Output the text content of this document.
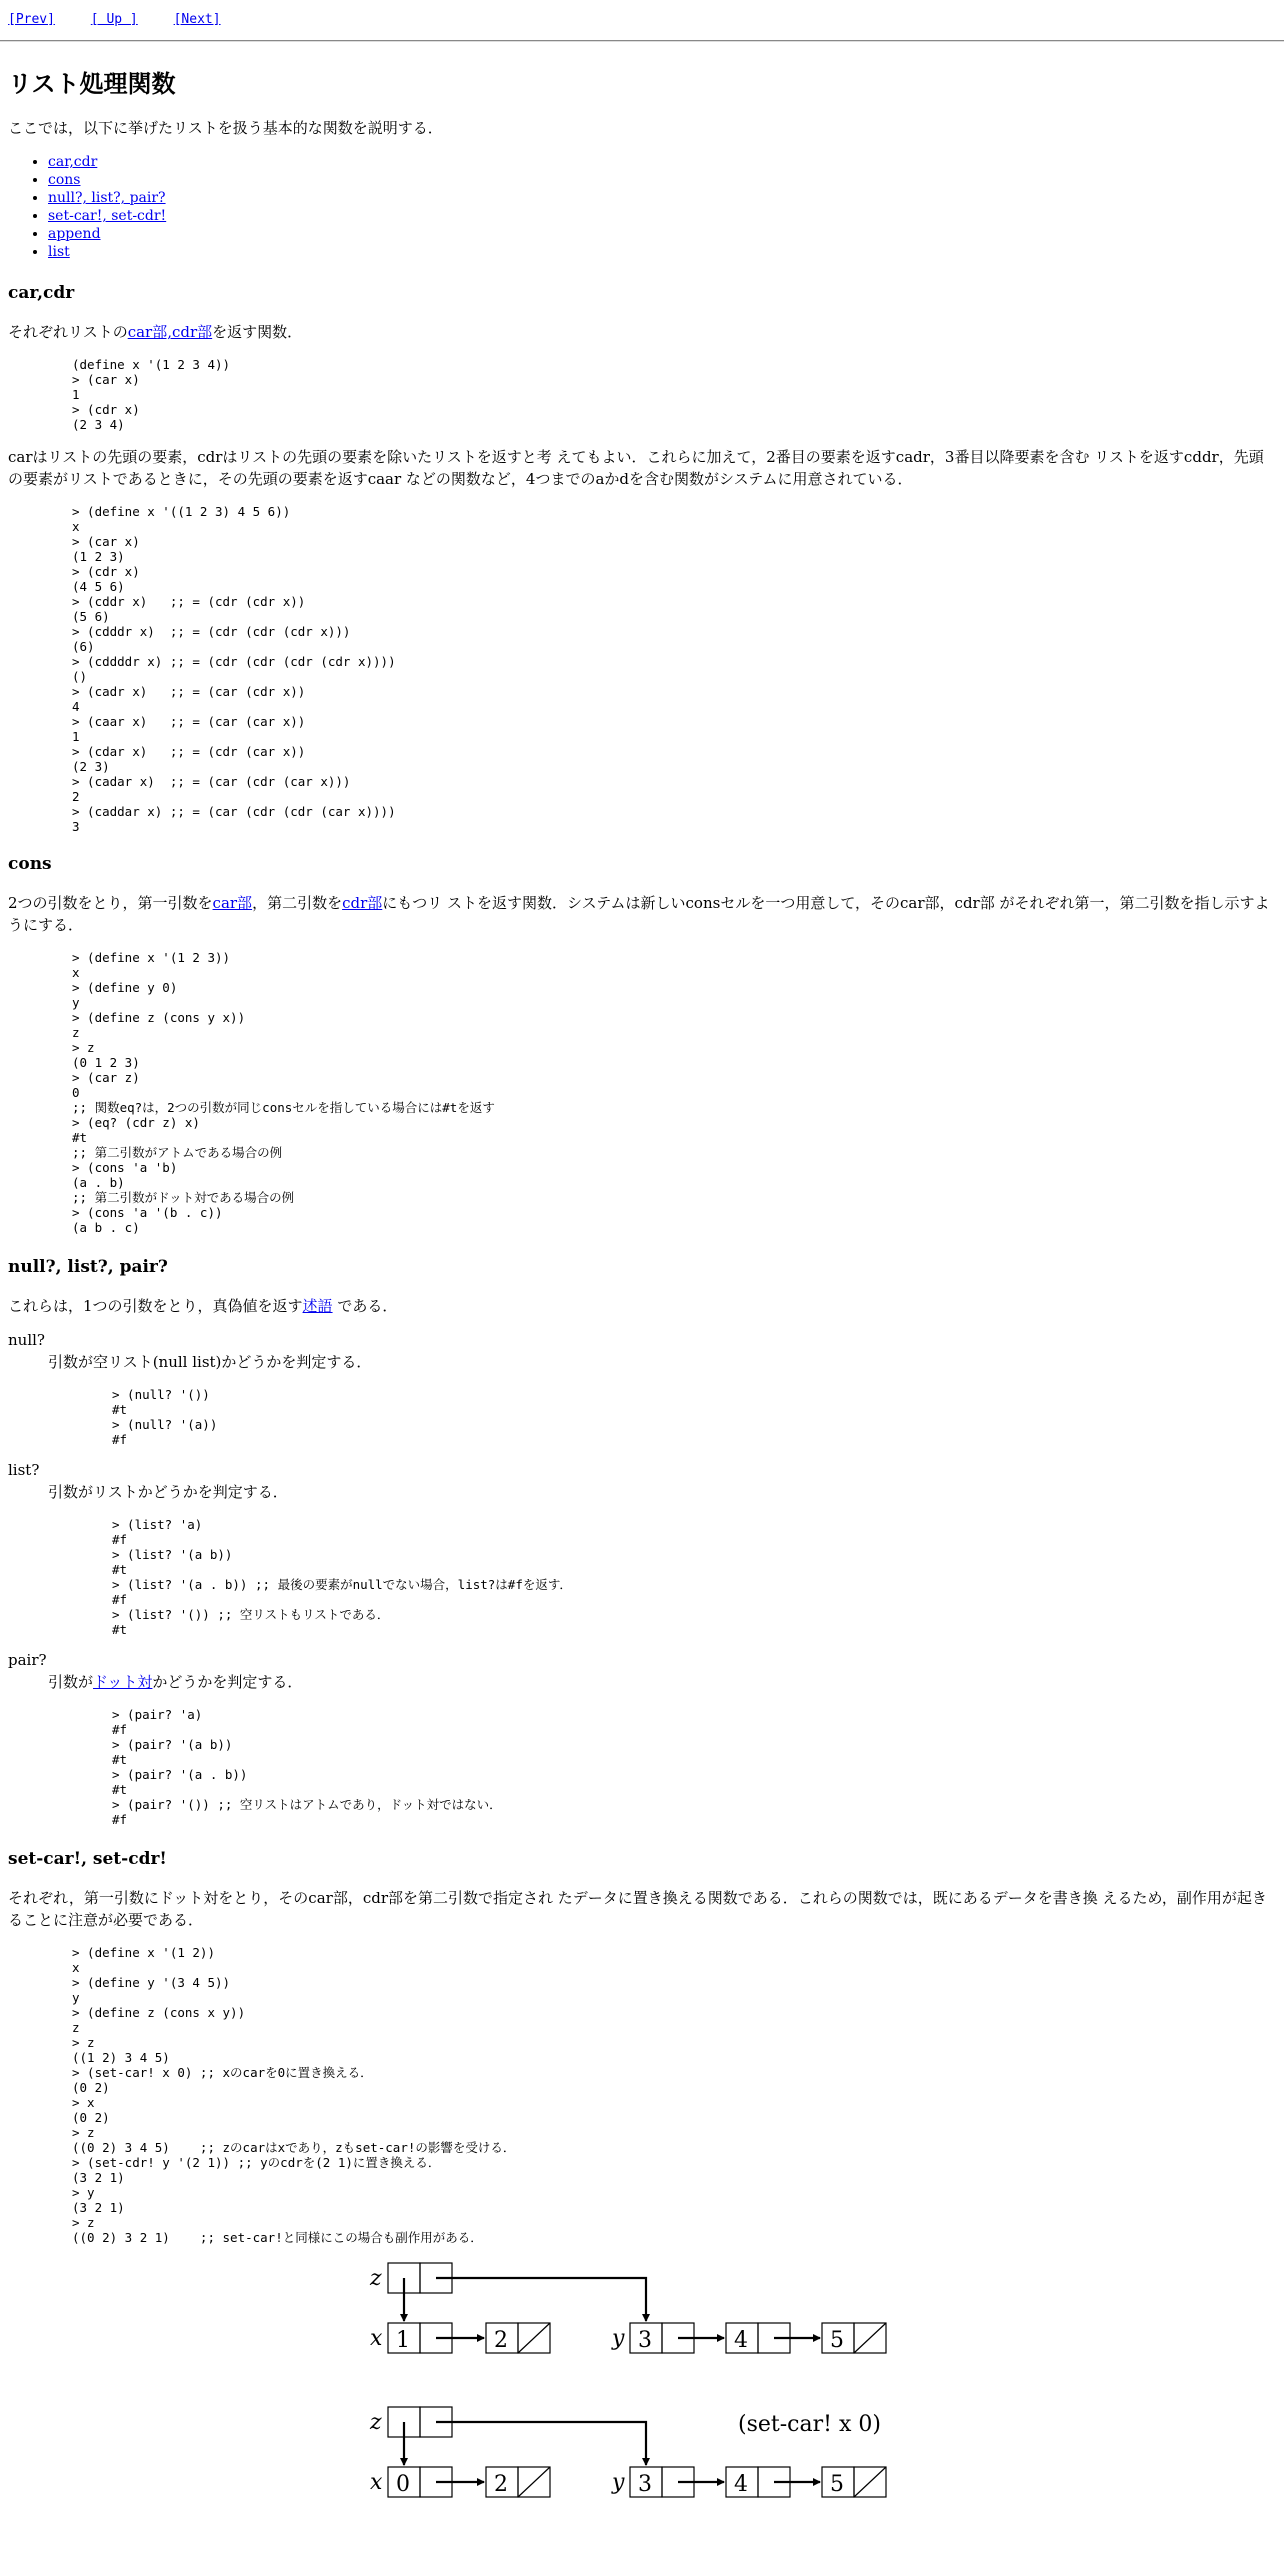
[Prev]	[ Up ]	[Next]
リスト処理関数

ここでは，以下に挙げたリストを扱う基本的な関数を説明する．

• car,cdr
• cons
• null?, list?, pair?
• set-car!, set-cdr!
• append
• list
car,cdr

それぞれリストのcar部,cdr部を返す関数．

(define x '(1 2 3 4))
> (car x)
1
> (cdr x)
(2 3 4)

carはリストの先頭の要素，cdrはリストの先頭の要素を除いたリストを返すと考 えてもよい．これらに加えて，2番目の要素を返すcadr，3番目以降要素を含む リストを返すcddr，先頭の要素がリストであるときに，その先頭の要素を返すcaar などの関数など，4つまでのaかdを含む関数がシステムに用意されている．

> (define x '((1 2 3) 4 5 6))
x
> (car x)
(1 2 3)
> (cdr x)
(4 5 6)
> (cddr x)   ;; = (cdr (cdr x))
(5 6)
> (cdddr x)  ;; = (cdr (cdr (cdr x)))
(6)
> (cddddr x) ;; = (cdr (cdr (cdr (cdr x))))
()
> (cadr x)   ;; = (car (cdr x))
4
> (caar x)   ;; = (car (car x))
1
> (cdar x)   ;; = (cdr (car x))
(2 3)
> (cadar x)  ;; = (car (cdr (car x)))
2
> (caddar x) ;; = (car (cdr (cdr (car x))))
3
cons

2つの引数をとり，第一引数をcar部，第二引数をcdr部にもつリ ストを返す関数．システムは新しいconsセルを一つ用意して，そのcar部，cdr部 がそれぞれ第一，第二引数を指し示すようにする．

> (define x '(1 2 3))
x
> (define y 0)
y
> (define z (cons y x))
z
> z
(0 1 2 3)
> (car z)
0
;; 関数eq?は，2つの引数が同じconsセルを指している場合には#tを返す
> (eq? (cdr z) x)
#t
;; 第二引数がアトムである場合の例
> (cons 'a 'b)
(a . b)
;; 第二引数がドット対である場合の例
> (cons 'a '(b . c))
(a b . c)
null?, list?, pair?

これらは，1つの引数をとり，真偽値を返す述語 である．

null?

引数が空リスト(null list)かどうかを判定する．

> (null? '())
#t
> (null? '(a))
#f
list?

引数がリストかどうかを判定する．

> (list? 'a)
#f
> (list? '(a b))
#t
> (list? '(a . b)) ;; 最後の要素がnullでない場合，list?は#fを返す．
#f
> (list? '()) ;; 空リストもリストである．
#t
pair?

引数がドット対かどうかを判定する．

> (pair? 'a)
#f
> (pair? '(a b))
#t
> (pair? '(a . b))
#t
> (pair? '()) ;; 空リストはアトムであり，ドット対ではない．
#f
set-car!, set-cdr!

それぞれ，第一引数にドット対をとり，そのcar部，cdr部を第二引数で指定され たデータに置き換える関数である．これらの関数では，既にあるデータを書き換 えるため，副作用が起きることに注意が必要である．

> (define x '(1 2))
x
> (define y '(3 4 5))
y
> (define z (cons x y))
z
> z
((1 2) 3 4 5)
> (set-car! x 0) ;; xのcarを0に置き換える．
(0 2)
> x
(0 2)
> z
((0 2) 3 4 5)    ;; zのcarはxであり，zもset-car!の影響を受ける．
> (set-cdr! y '(2 1)) ;; yのcdrを(2 1)に置き換える．
(3 2 1)
> y
(3 2 1)
> z
((0 2) 3 2 1)    ;; set-car!と同様にこの場合も副作用がある．
z
x	y
1	2	3	4	5
z
x	y
0	2	3	4	5
(set-car! x 0)
